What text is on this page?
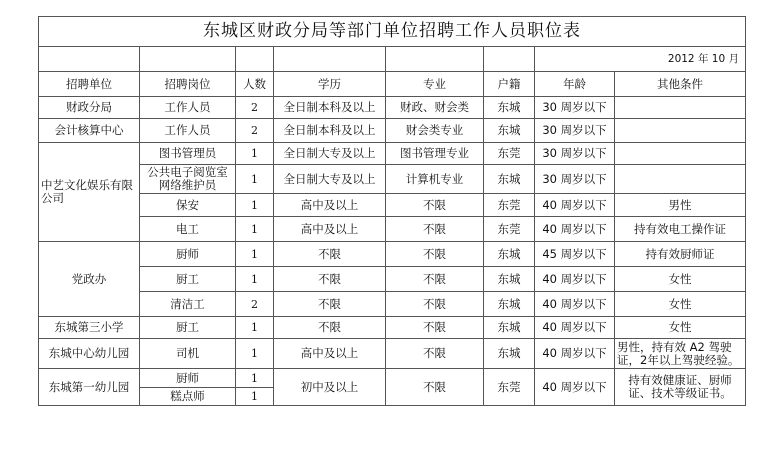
东城区财政分局等部门单位招聘工作人员职位表							
						2012 年 10 月	
招聘单位	招聘岗位	人数	学历	专业	户籍	年龄	其他条件
财政分局	工作人员	2	全日制本科及以上	财政、财会类	东城	30 周岁以下	
会计核算中心	工作人员	2	全日制本科及以上	财会类专业	东城	30 周岁以下	
中艺文化娱乐有限公司	图书管理员	1	全日制大专及以上	图书管理专业	东莞	30 周岁以下	
	公共电子阅览室网络维护员	1	全日制大专及以上	计算机专业	东城	30 周岁以下	
	保安	1	高中及以上	不限	东莞	40 周岁以下	男性
	电工	1	高中及以上	不限	东莞	40 周岁以下	持有效电工操作证
党政办	厨师	1	不限	不限	东城	45 周岁以下	持有效厨师证
	厨工	1	不限	不限	东城	40 周岁以下	女性
	清洁工	2	不限	不限	东城	40 周岁以下	女性
东城第三小学	厨工	1	不限	不限	东城	40 周岁以下	女性
东城中心幼儿园	司机	1	高中及以上	不限	东城	40 周岁以下	男性，持有效 A2 驾驶证，2年以上驾驶经验。
东城第一幼儿园	厨师	1	初中及以上	不限	东莞	40 周岁以下	持有效健康证、厨师证、技术等级证书。
	糕点师	1					
